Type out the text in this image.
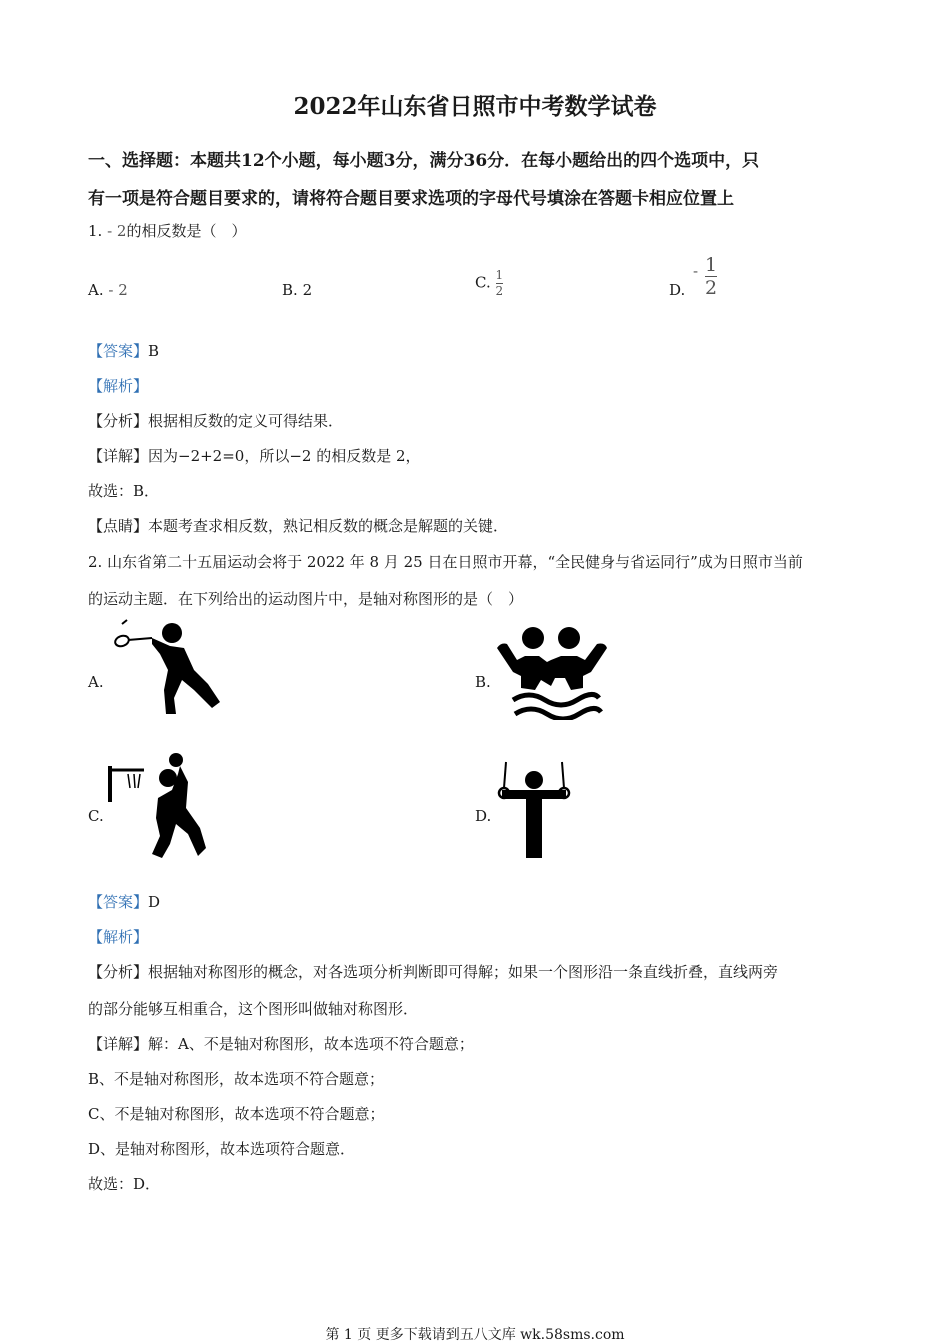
2022年山东省日照市中考数学试卷
一、选择题：本题共12个小题，每小题3分，满分36分．在每小题给出的四个选项中，只
有一项是符合题目要求的，请将符合题目要求选项的字母代号填涂在答题卡相应位置上
1. - 2的相反数是（　）
A. - 2	B. 2	C. $\frac{1}{2}$	-
D. $\frac{1}{2}$
【答案】B
【解析】
【分析】根据相反数的定义可得结果．
【详解】因为−2+2=0，所以−2 的相反数是 2，
故选：B．
【点睛】本题考查求相反数，熟记相反数的概念是解题的关键．
2. 山东省第二十五届运动会将于 2022 年 8 月 25 日在日照市开幕，“全民健身与省运同行”成为日照市当前
的运动主题．在下列给出的运动图片中，是轴对称图形的是（　）
A.	B.
C.	D.
【答案】D
【解析】
【分析】根据轴对称图形的概念，对各选项分析判断即可得解；如果一个图形沿一条直线折叠，直线两旁
的部分能够互相重合，这个图形叫做轴对称图形．
【详解】解：A、不是轴对称图形，故本选项不符合题意；
B、不是轴对称图形，故本选项不符合题意；
C、不是轴对称图形，故本选项不符合题意；
D、是轴对称图形，故本选项符合题意．
故选：D．
第 1 页 更多下载请到五八文库 wk.58sms.com
